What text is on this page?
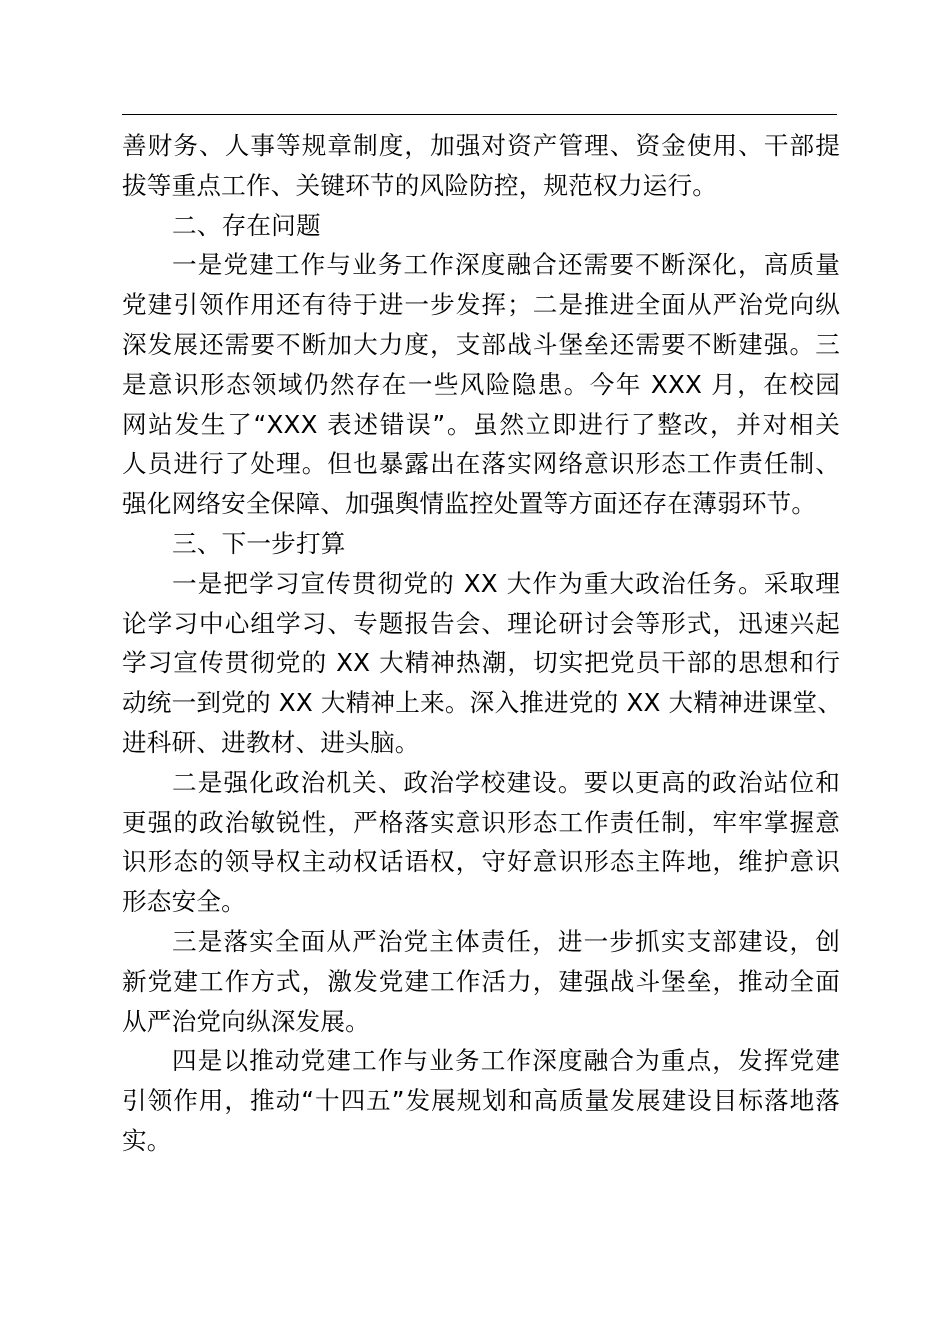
善财务、人事等规章制度，加强对资产管理、资金使用、干部提
拔等重点工作、关键环节的风险防控，规范权力运行。
二、存在问题
一是党建工作与业务工作深度融合还需要不断深化，高质量
党建引领作用还有待于进一步发挥；二是推进全面从严治党向纵
深发展还需要不断加大力度，支部战斗堡垒还需要不断建强。三
是意识形态领域仍然存在一些风险隐患。今年 XXX 月，在校园
网站发生了“XXX 表述错误”。虽然立即进行了整改，并对相关
人员进行了处理。但也暴露出在落实网络意识形态工作责任制、
强化网络安全保障、加强舆情监控处置等方面还存在薄弱环节。
三、下一步打算
一是把学习宣传贯彻党的 XX 大作为重大政治任务。采取理
论学习中心组学习、专题报告会、理论研讨会等形式，迅速兴起
学习宣传贯彻党的 XX 大精神热潮，切实把党员干部的思想和行
动统一到党的 XX 大精神上来。深入推进党的 XX 大精神进课堂、
进科研、进教材、进头脑。
二是强化政治机关、政治学校建设。要以更高的政治站位和
更强的政治敏锐性，严格落实意识形态工作责任制，牢牢掌握意
识形态的领导权主动权话语权，守好意识形态主阵地，维护意识
形态安全。
三是落实全面从严治党主体责任，进一步抓实支部建设，创
新党建工作方式，激发党建工作活力，建强战斗堡垒，推动全面
从严治党向纵深发展。
四是以推动党建工作与业务工作深度融合为重点，发挥党建
引领作用，推动“十四五”发展规划和高质量发展建设目标落地落
实。
